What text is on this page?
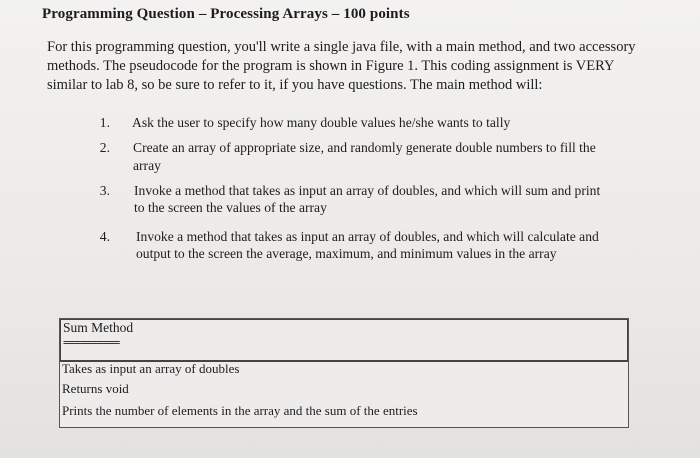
Programming Question – Processing Arrays – 100 points
For this programming question, you'll write a single java file, with a main method, and two accessory
methods. The pseudocode for the program is shown in Figure 1. This coding assignment is VERY
similar to lab 8, so be sure to refer to it, if you have questions. The main method will:
1. Ask the user to specify how many double values he/she wants to tally
2. Create an array of appropriate size, and randomly generate double numbers to fill the
array
3. Invoke a method that takes as input an array of doubles, and which will sum and print
to the screen the values of the array
4. Invoke a method that takes as input an array of doubles, and which will calculate and
output to the screen the average, maximum, and minimum values in the array
Sum Method
==========
Takes as input an array of doubles
Returns void
Prints the number of elements in the array and the sum of the entries
